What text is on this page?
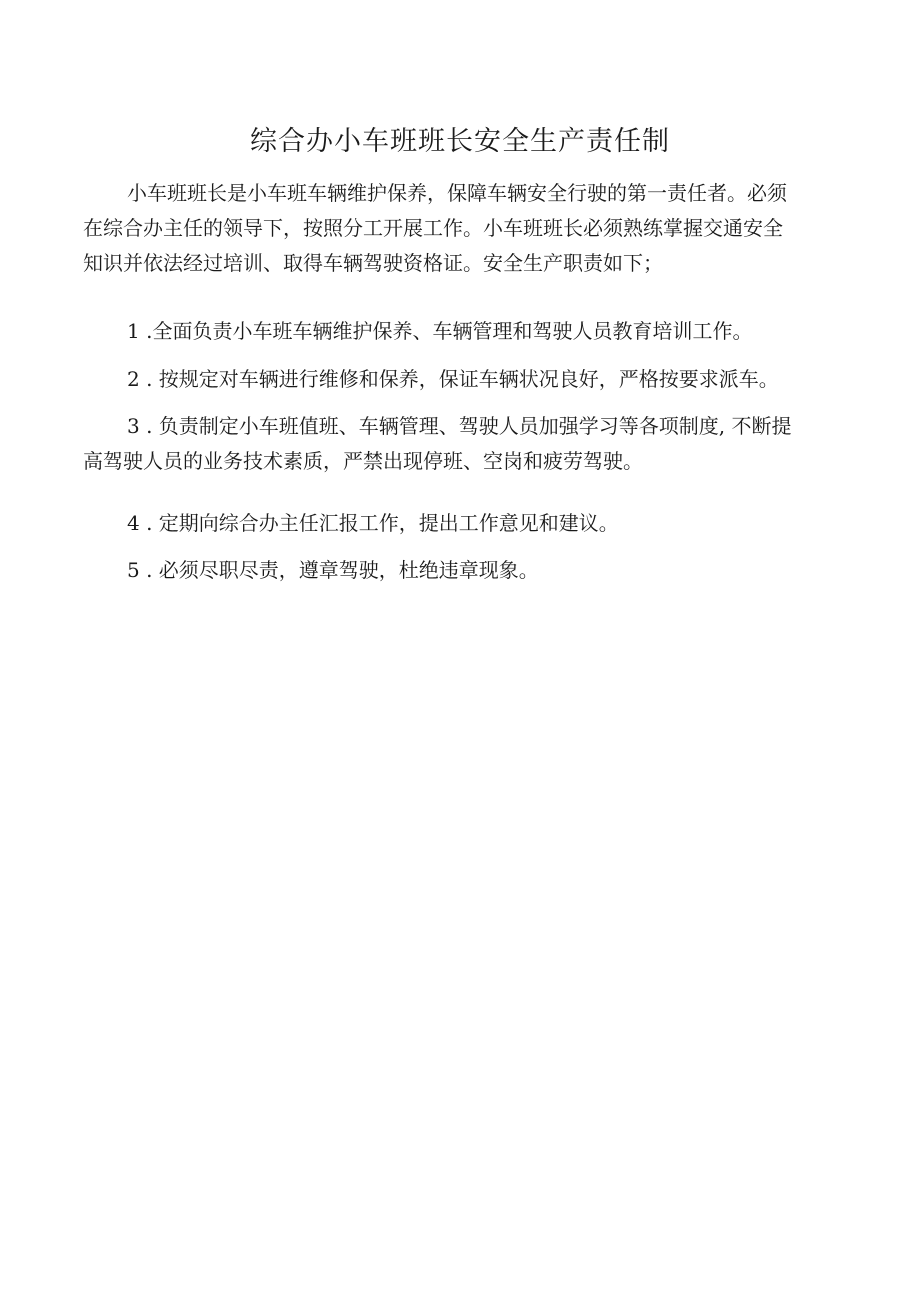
综合办小车班班长安全生产责任制
小车班班长是小车班车辆维护保养，保障车辆安全行驶的第一责任者。必须
在综合办主任的领导下，按照分工开展工作。小车班班长必须熟练掌握交通安全
知识并依法经过培训、取得车辆驾驶资格证。安全生产职责如下；
1 .全面负责小车班车辆维护保养、车辆管理和驾驶人员教育培训工作。
2 . 按规定对车辆进行维修和保养，保证车辆状况良好，严格按要求派车。
3 . 负责制定小车班值班、车辆管理、驾驶人员加强学习等各项制度, 不断提
高驾驶人员的业务技术素质，严禁出现停班、空岗和疲劳驾驶。
4 . 定期向综合办主任汇报工作，提出工作意见和建议。
5 . 必须尽职尽责，遵章驾驶，杜绝违章现象。
